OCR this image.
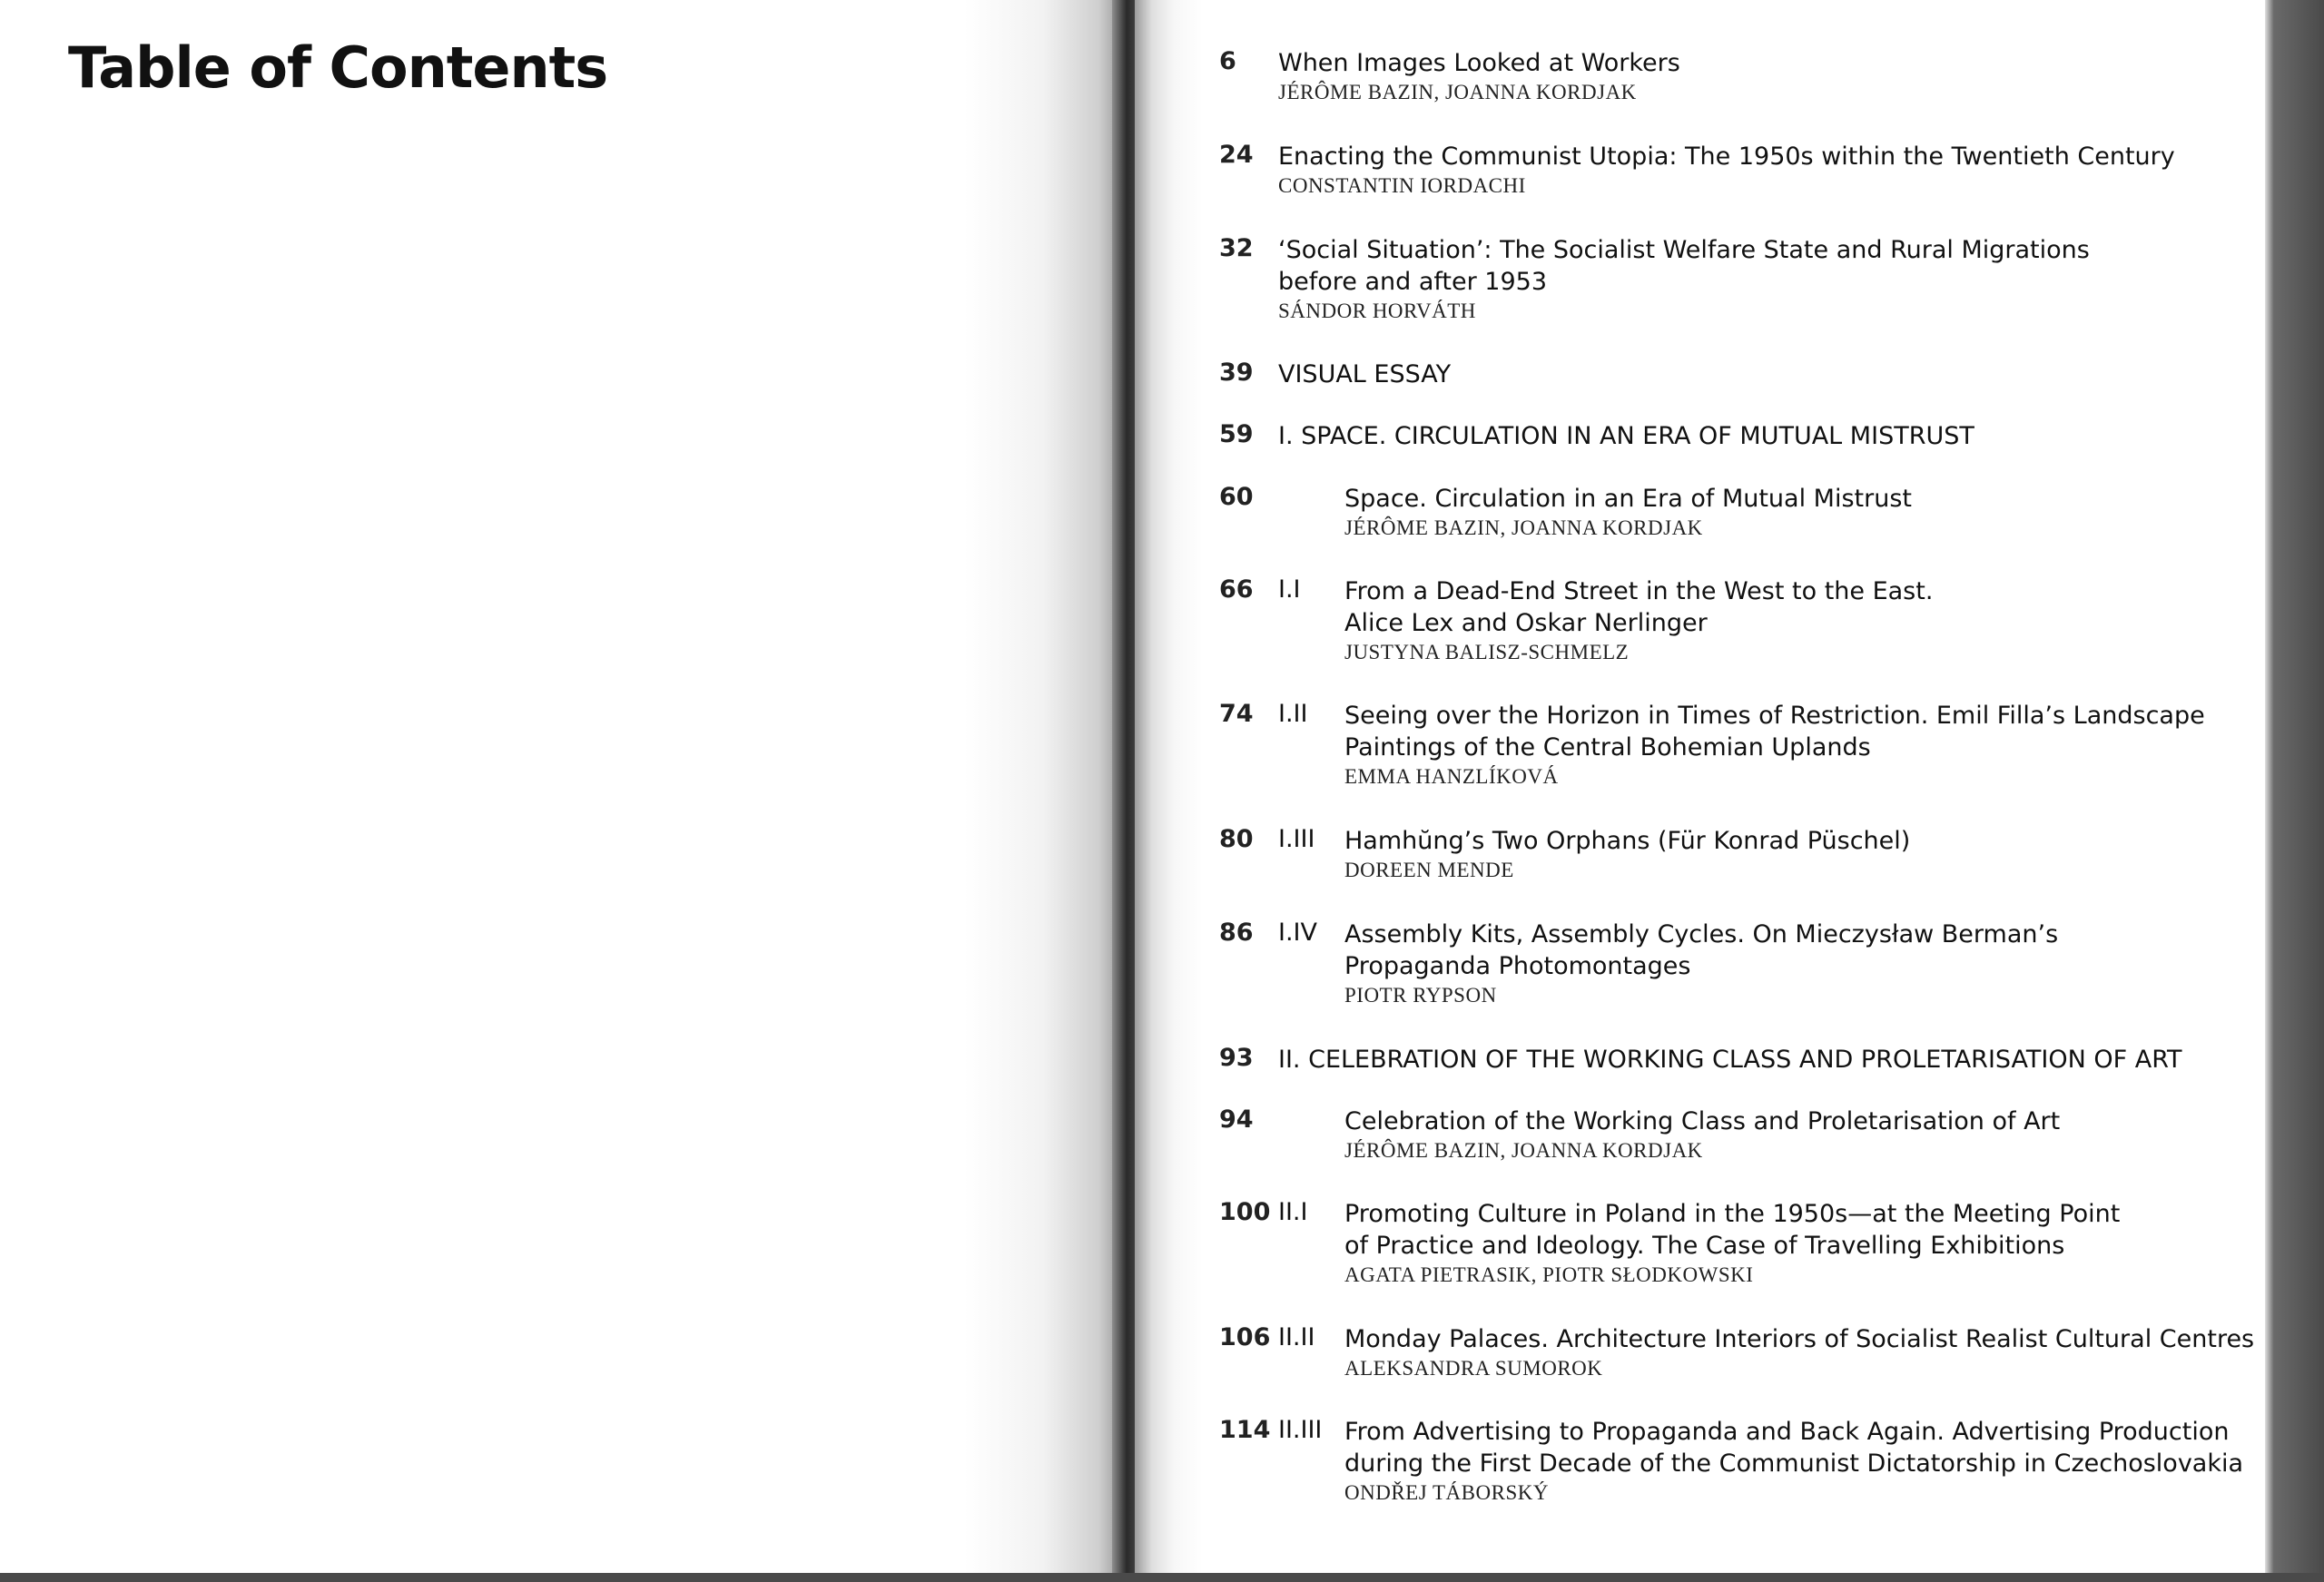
Table of Contents	6 When Images Looked at Workers
JÉRÔME BAZIN, JOANNA KORDJAK
24 Enacting the Communist Utopia: The 1950s within the Twentieth Century
CONSTANTIN IORDACHI
32 ‘Social Situation’: The Socialist Welfare State and Rural Migrations
before and after 1953
SÁNDOR HORVÁTH
39 VISUAL ESSAY
59 I. SPACE. CIRCULATION IN AN ERA OF MUTUAL MISTRUST
60	Space. Circulation in an Era of Mutual Mistrust
JÉRÔME BAZIN, JOANNA KORDJAK
66 I.I From a Dead-End Street in the West to the East.
Alice Lex and Oskar Nerlinger
JUSTYNA BALISZ-SCHMELZ
74 I.II Seeing over the Horizon in Times of Restriction. Emil Filla’s Landscape
Paintings of the Central Bohemian Uplands
EMMA HANZLÍKOVÁ
80 I.III Hamhŭng’s Two Orphans (Für Konrad Püschel)
DOREEN MENDE
86 I.IV Assembly Kits, Assembly Cycles. On Mieczysław Berman’s
Propaganda Photomontages
PIOTR RYPSON
93 II. CELEBRATION OF THE WORKING CLASS AND PROLETARISATION OF ART
94	Celebration of the Working Class and Proletarisation of Art
JÉRÔME BAZIN, JOANNA KORDJAK
100 II.I Promoting Culture in Poland in the 1950s—at the Meeting Point
of Practice and Ideology. The Case of Travelling Exhibitions
AGATA PIETRASIK, PIOTR SŁODKOWSKI
106 II.II Monday Palaces. Architecture Interiors of Socialist Realist Cultural Centres
ALEKSANDRA SUMOROK
114 II.III From Advertising to Propaganda and Back Again. Advertising Production
during the First Decade of the Communist Dictatorship in Czechoslovakia
ONDŘEJ TÁBORSKÝ
